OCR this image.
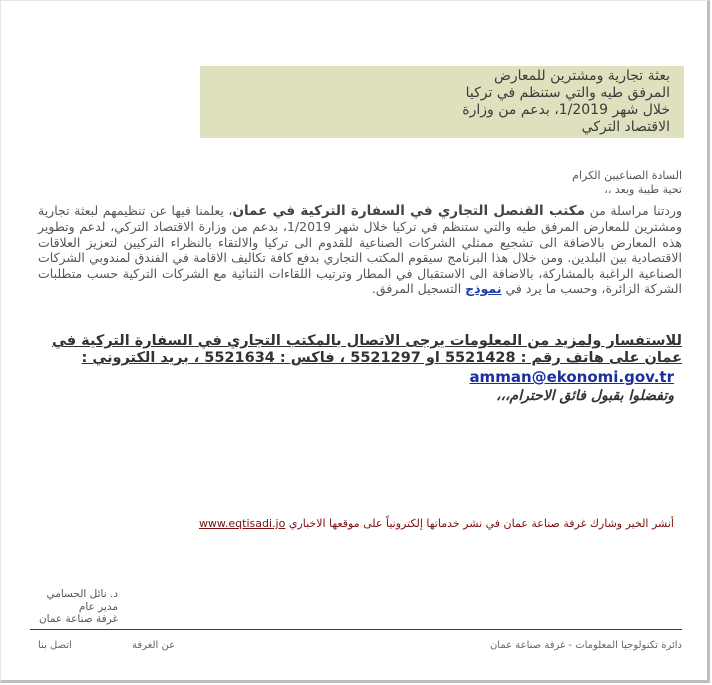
بعثة تجارية ومشترين للمعارض
المرفق طيه والتي ستنظم في تركيا
خلال شهر 1/2019، بدعم من وزارة
الاقتصاد التركي
السادة الصناعيين الكرام
تحية طيبة وبعد ،،
وردتنا مراسلة من مكتب القنصل التجاري في السفارة التركية في عمان، يعلمنا فيها عن تنظيمهم لبعثة تجارية ومشترين للمعارض المرفق طيه والتي ستنظم في تركيا خلال شهر 1/2019، بدعم من وزارة الاقتصاد التركي، لدعم وتطوير هذه المعارض بالاضافة الى تشجيع ممثلي الشركات الصناعية للقدوم الى تركيا والالتقاء بالنظراء التركيين لتعزيز العلاقات الاقتصادية بين البلدين. ومن خلال هذا البرنامج سيقوم المكتب التجاري بدفع كافة تكاليف الاقامة في الفندق لمندوبي الشركات الصناعية الراغبة بالمشاركة، بالاضافة الى الاستقبال في المطار وترتيب اللقاءات الثنائية مع الشركات التركية حسب متطلبات الشركة الزائرة، وحسب ما يرد في نموذج التسجيل المرفق.
للاستفسار ولمزيد من المعلومات يرجى الاتصال بالمكتب التجاري في السفارة التركية في عمان على هاتف رقم : 5521428 او 5521297 ، فاكس : 5521634 ، بريد الكتروني :
amman@ekonomi.gov.tr
وتفضلوا بقبول فائق الاحترام،،،
أنشر الخير وشارك غرفة صناعة عمان في نشر خدماتها إلكترونياً على موقعها الاخباري www.eqtisadi.jo
د. نائل الحسامي
مدير عام
غرفة صناعة عمان
دائرة تكنولوجيا المعلومات - غرفة صناعة عمان
عن الغرفة
اتصل بنا
